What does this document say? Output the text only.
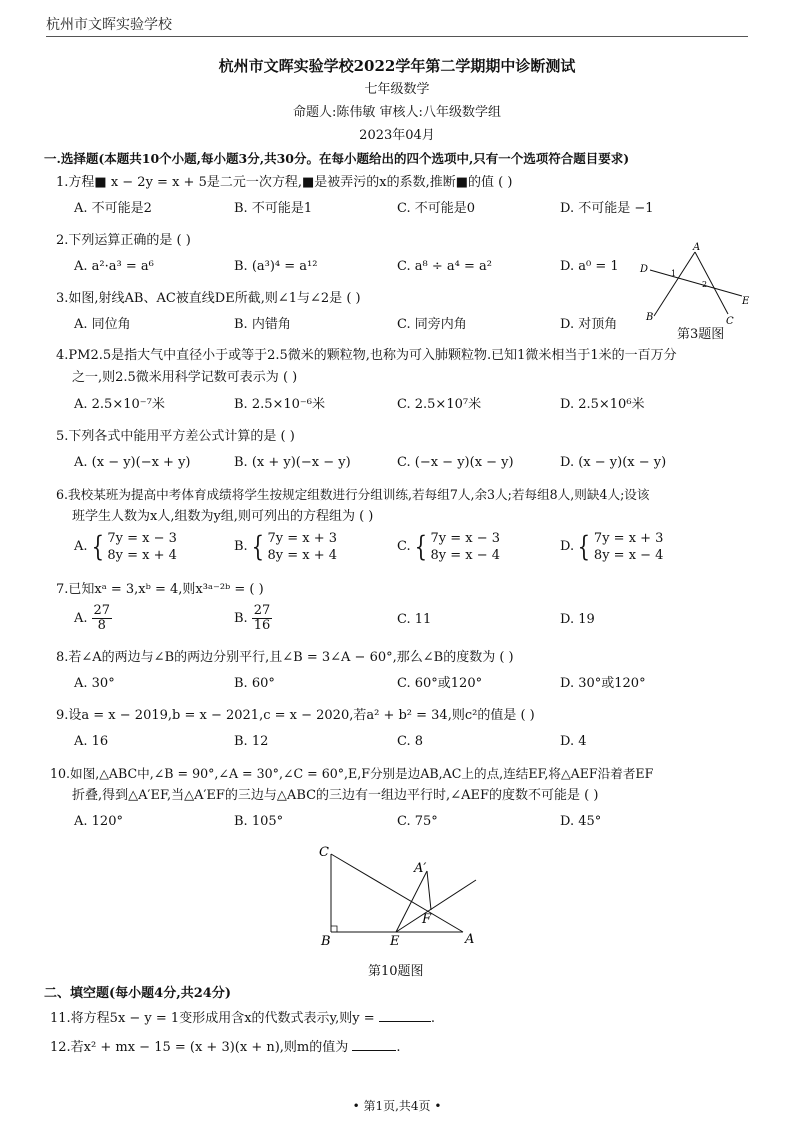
杭州市文晖实验学校
杭州市文晖实验学校2022学年第二学期期中诊断测试
七年级数学
命题人:陈伟敏 审核人:八年级数学组
2023年04月
一.选择题(本题共10个小题,每小题3分,共30分。在每小题给出的四个选项中,只有一个选项符合题目要求)
1.方程■ x − 2y = x + 5是二元一次方程,■是被弄污的x的系数,推断■的值 ( )
A. 不可能是2	B. 不可能是1	C. 不可能是0	D. 不可能是 −1
2.下列运算正确的是 ( )
A. a²·a³ = a⁶	B. (a³)⁴ = a¹²	C. a⁸ ÷ a⁴ = a²	D. a⁰ = 1
A
B	C
D
E
1
2
3.如图,射线AB、AC被直线DE所截,则∠1与∠2是 ( )
A. 同位角	B. 内错角	C. 同旁内角	D. 对顶角
第3题图
4.PM2.5是指大气中直径小于或等于2.5微米的颗粒物,也称为可入肺颗粒物.已知1微米相当于1米的一百万分
之一,则2.5微米用科学记数可表示为 ( )
A. 2.5×10⁻⁷米	B. 2.5×10⁻⁶米	C. 2.5×10⁷米	D. 2.5×10⁶米
5.下列各式中能用平方差公式计算的是 ( )
A. (x − y)(−x + y)	B. (x + y)(−x − y)	C. (−x − y)(x − y)	D. (x − y)(x − y)
6.我校某班为提高中考体育成绩将学生按规定组数进行分组训练,若每组7人,余3人;若每组8人,则缺4人;设该
班学生人数为x人,组数为y组,则可列出的方程组为 ( )
A. { 7y = x − 3
8y = x + 4
B. { 7y = x + 3
8y = x + 4
C. { 7y = x − 3
8y = x − 4
D. { 7y = x + 3
8y = x − 4
7.已知xᵃ = 3,xᵇ = 4,则x³ᵃ⁻²ᵇ = ( )
A. $\frac{27}{8}$	B. $\frac{27}{16}$	C. 11	D. 19
8.若∠A的两边与∠B的两边分别平行,且∠B = 3∠A − 60°,那么∠B的度数为 ( )
A. 30°	B. 60°	C. 60°或120°	D. 30°或120°
9.设a = x − 2019,b = x − 2021,c = x − 2020,若a² + b² = 34,则c²的值是 ( )
A. 16	B. 12	C. 8	D. 4
10.如图,△ABC中,∠B = 90°,∠A = 30°,∠C = 60°,E,F分别是边AB,AC上的点,连结EF,将△AEF沿着者EF
折叠,得到△A′EF,当△A′EF的三边与△ABC的三边有一组边平行时,∠AEF的度数不可能是 ( )
A. 120°	B. 105°	C. 75°	D. 45°
C
B	E	A
F
A′
第10题图
二、填空题(每小题4分,共24分)
11.将方程5x − y = 1变形成用含x的代数式表示y,则y =	.
12.若x² + mx − 15 = (x + 3)(x + n),则m的值为	.
• 第1页,共4页 •
